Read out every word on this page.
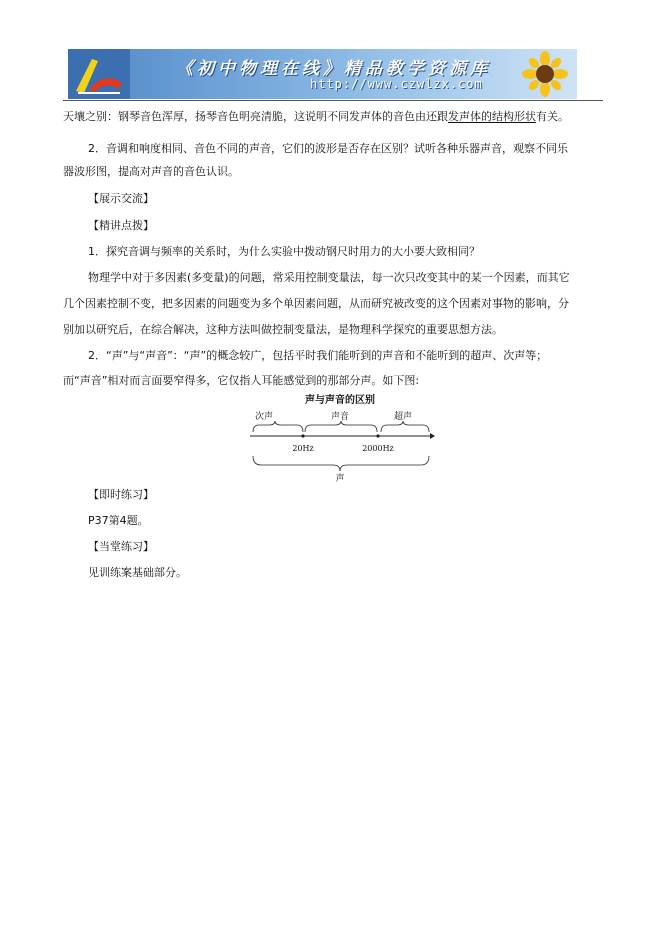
《初中物理在线》精品教学资源库
http://www.czwlzx.com
天壤之别：钢琴音色浑厚，扬琴音色明亮清脆，这说明不同发声体的音色由还跟发声体的结构形状有关。
2．音调和响度相同、音色不同的声音，它们的波形是否存在区别？试听各种乐器声音，观察不同乐
器波形图，提高对声音的音色认识。
【展示交流】
【精讲点拨】
1．探究音调与频率的关系时，为什么实验中拨动钢尺时用力的大小要大致相同？
物理学中对于多因素(多变量)的问题，常采用控制变量法，每一次只改变其中的某一个因素，而其它
几个因素控制不变，把多因素的问题变为多个单因素问题，从而研究被改变的这个因素对事物的影响，分
别加以研究后，在综合解决，这种方法叫做控制变量法，是物理科学探究的重要思想方法。
2．“声”与“声音”：“声”的概念较广，包括平时我们能听到的声音和不能听到的超声、次声等；
而“声音”相对而言面要窄得多，它仅指人耳能感觉到的那部分声。如下图:
声与声音的区别
次声	声音	超声
20Hz	2000Hz
声
【即时练习】
P37第4题。
【当堂练习】
见训练案基础部分。
